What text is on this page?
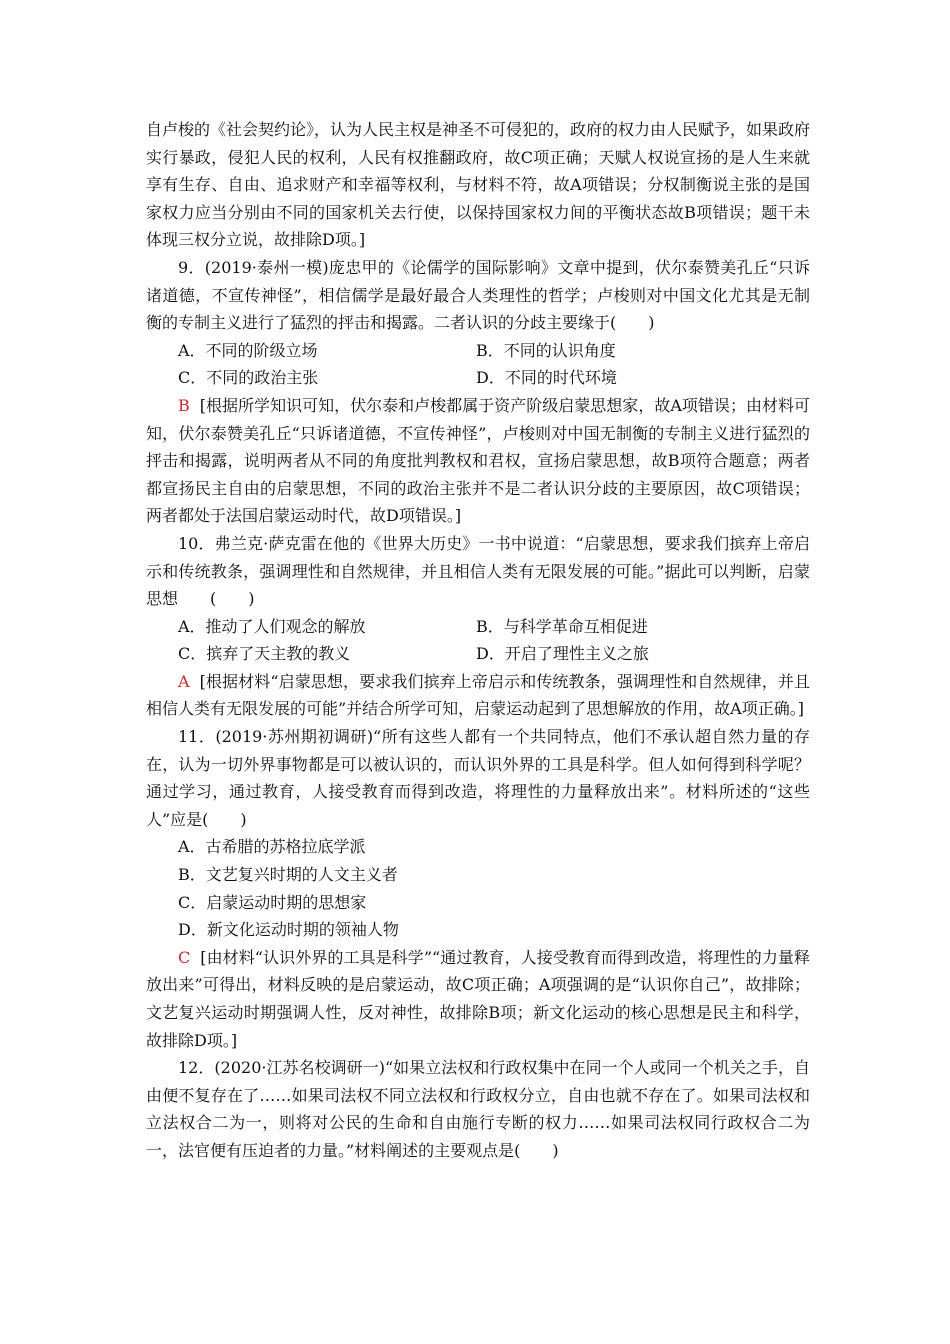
自卢梭的《社会契约论》，认为人民主权是神圣不可侵犯的，政府的权力由人民赋予，如果政府实行暴政，侵犯人民的权利，人民有权推翻政府，故C项正确；天赋人权说宣扬的是人生来就享有生存、自由、追求财产和幸福等权利，与材料不符，故A项错误；分权制衡说主张的是国家权力应当分别由不同的国家机关去行使，以保持国家权力间的平衡状态故B项错误；题干未体现三权分立说，故排除D项。]

9．(2019·泰州一模)庞忠甲的《论儒学的国际影响》文章中提到，伏尔泰赞美孔丘“只诉诸道德，不宣传神怪”，相信儒学是最好最合人类理性的哲学；卢梭则对中国文化尤其是无制衡的专制主义进行了猛烈的抨击和揭露。二者认识的分歧主要缘于(　　)

A．不同的阶级立场	B．不同的认识角度
C．不同的政治主张	D．不同的时代环境

B [根据所学知识可知，伏尔泰和卢梭都属于资产阶级启蒙思想家，故A项错误；由材料可知，伏尔泰赞美孔丘“只诉诸道德，不宣传神怪”，卢梭则对中国无制衡的专制主义进行猛烈的抨击和揭露，说明两者从不同的角度批判教权和君权，宣扬启蒙思想，故B项符合题意；两者都宣扬民主自由的启蒙思想，不同的政治主张并不是二者认识分歧的主要原因，故C项错误；两者都处于法国启蒙运动时代，故D项错误。]

10．弗兰克·萨克雷在他的《世界大历史》一书中说道：“启蒙思想，要求我们摈弃上帝启示和传统教条，强调理性和自然规律，并且相信人类有无限发展的可能。”据此可以判断，启蒙思想　　(　　)

A．推动了人们观念的解放	B．与科学革命互相促进
C．摈弃了天主教的教义	D．开启了理性主义之旅

A [根据材料“启蒙思想，要求我们摈弃上帝启示和传统教条，强调理性和自然规律，并且相信人类有无限发展的可能”并结合所学可知，启蒙运动起到了思想解放的作用，故A项正确。]

11．(2019·苏州期初调研)“所有这些人都有一个共同特点，他们不承认超自然力量的存在，认为一切外界事物都是可以被认识的，而认识外界的工具是科学。但人如何得到科学呢？通过学习，通过教育，人接受教育而得到改造，将理性的力量释放出来”。材料所述的“这些人”应是(　　)

A．古希腊的苏格拉底学派

B．文艺复兴时期的人文主义者

C．启蒙运动时期的思想家

D．新文化运动时期的领袖人物

C [由材料“认识外界的工具是科学”“通过教育，人接受教育而得到改造，将理性的力量释放出来”可得出，材料反映的是启蒙运动，故C项正确；A项强调的是“认识你自己”，故排除；文艺复兴运动时期强调人性，反对神性，故排除B项；新文化运动的核心思想是民主和科学，故排除D项。]

12．(2020·江苏名校调研一)“如果立法权和行政权集中在同一个人或同一个机关之手，自由便不复存在了……如果司法权不同立法权和行政权分立，自由也就不存在了。如果司法权和立法权合二为一，则将对公民的生命和自由施行专断的权力……如果司法权同行政权合二为一，法官便有压迫者的力量。”材料阐述的主要观点是(　　)
